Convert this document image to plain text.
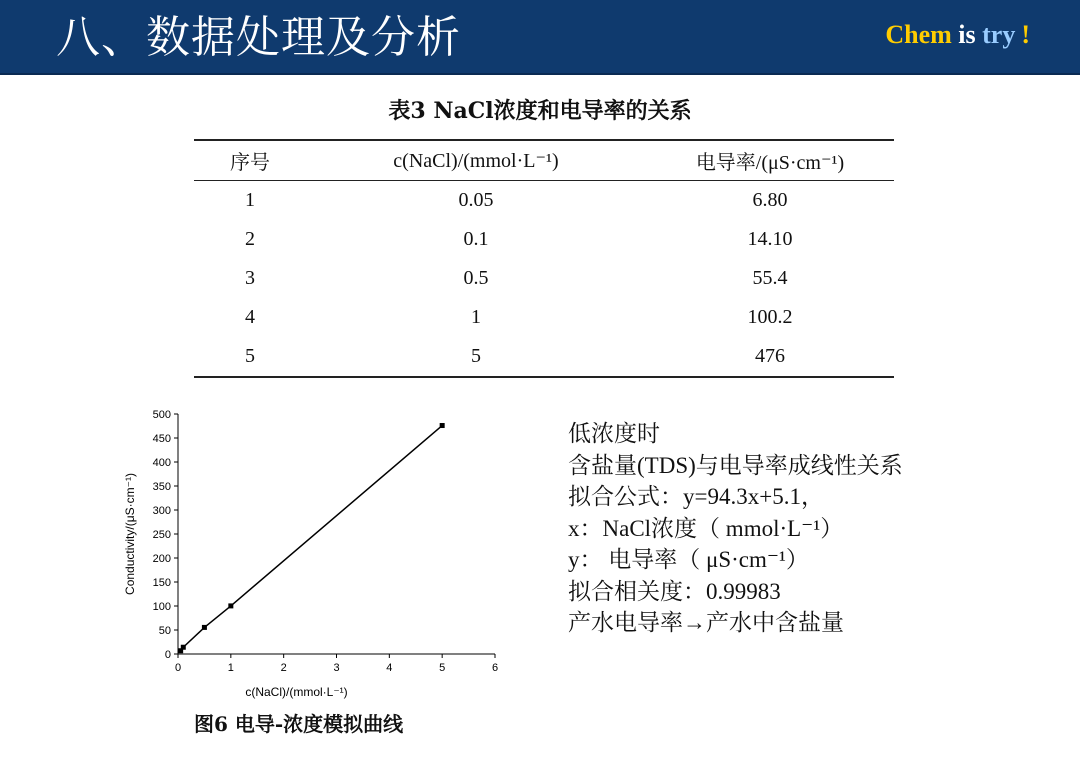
八、数据处理及分析	Chem is try !
表3 NaCl浓度和电导率的关系
序号	c(NaCl)/(mmol·L⁻¹)	电导率/(μS·cm⁻¹)
1	0.05	6.80
2	0.1	14.10
3	0.5	55.4
4	1	100.2
5	5	476
0
50
100
150
200
250
300
350
400
450
500
0	1	2	3	4	5	6
c(NaCl)/(mmol·L⁻¹)
Conductivity/(μS·cm⁻¹)
图6 电导-浓度模拟曲线
低浓度时
含盐量(TDS)与电导率成线性关系
拟合公式：y=94.3x+5.1，
x：NaCl浓度（ mmol·L⁻¹）
y： 电导率（ μS·cm⁻¹）
拟合相关度：0.99983
产水电导率→产水中含盐量
